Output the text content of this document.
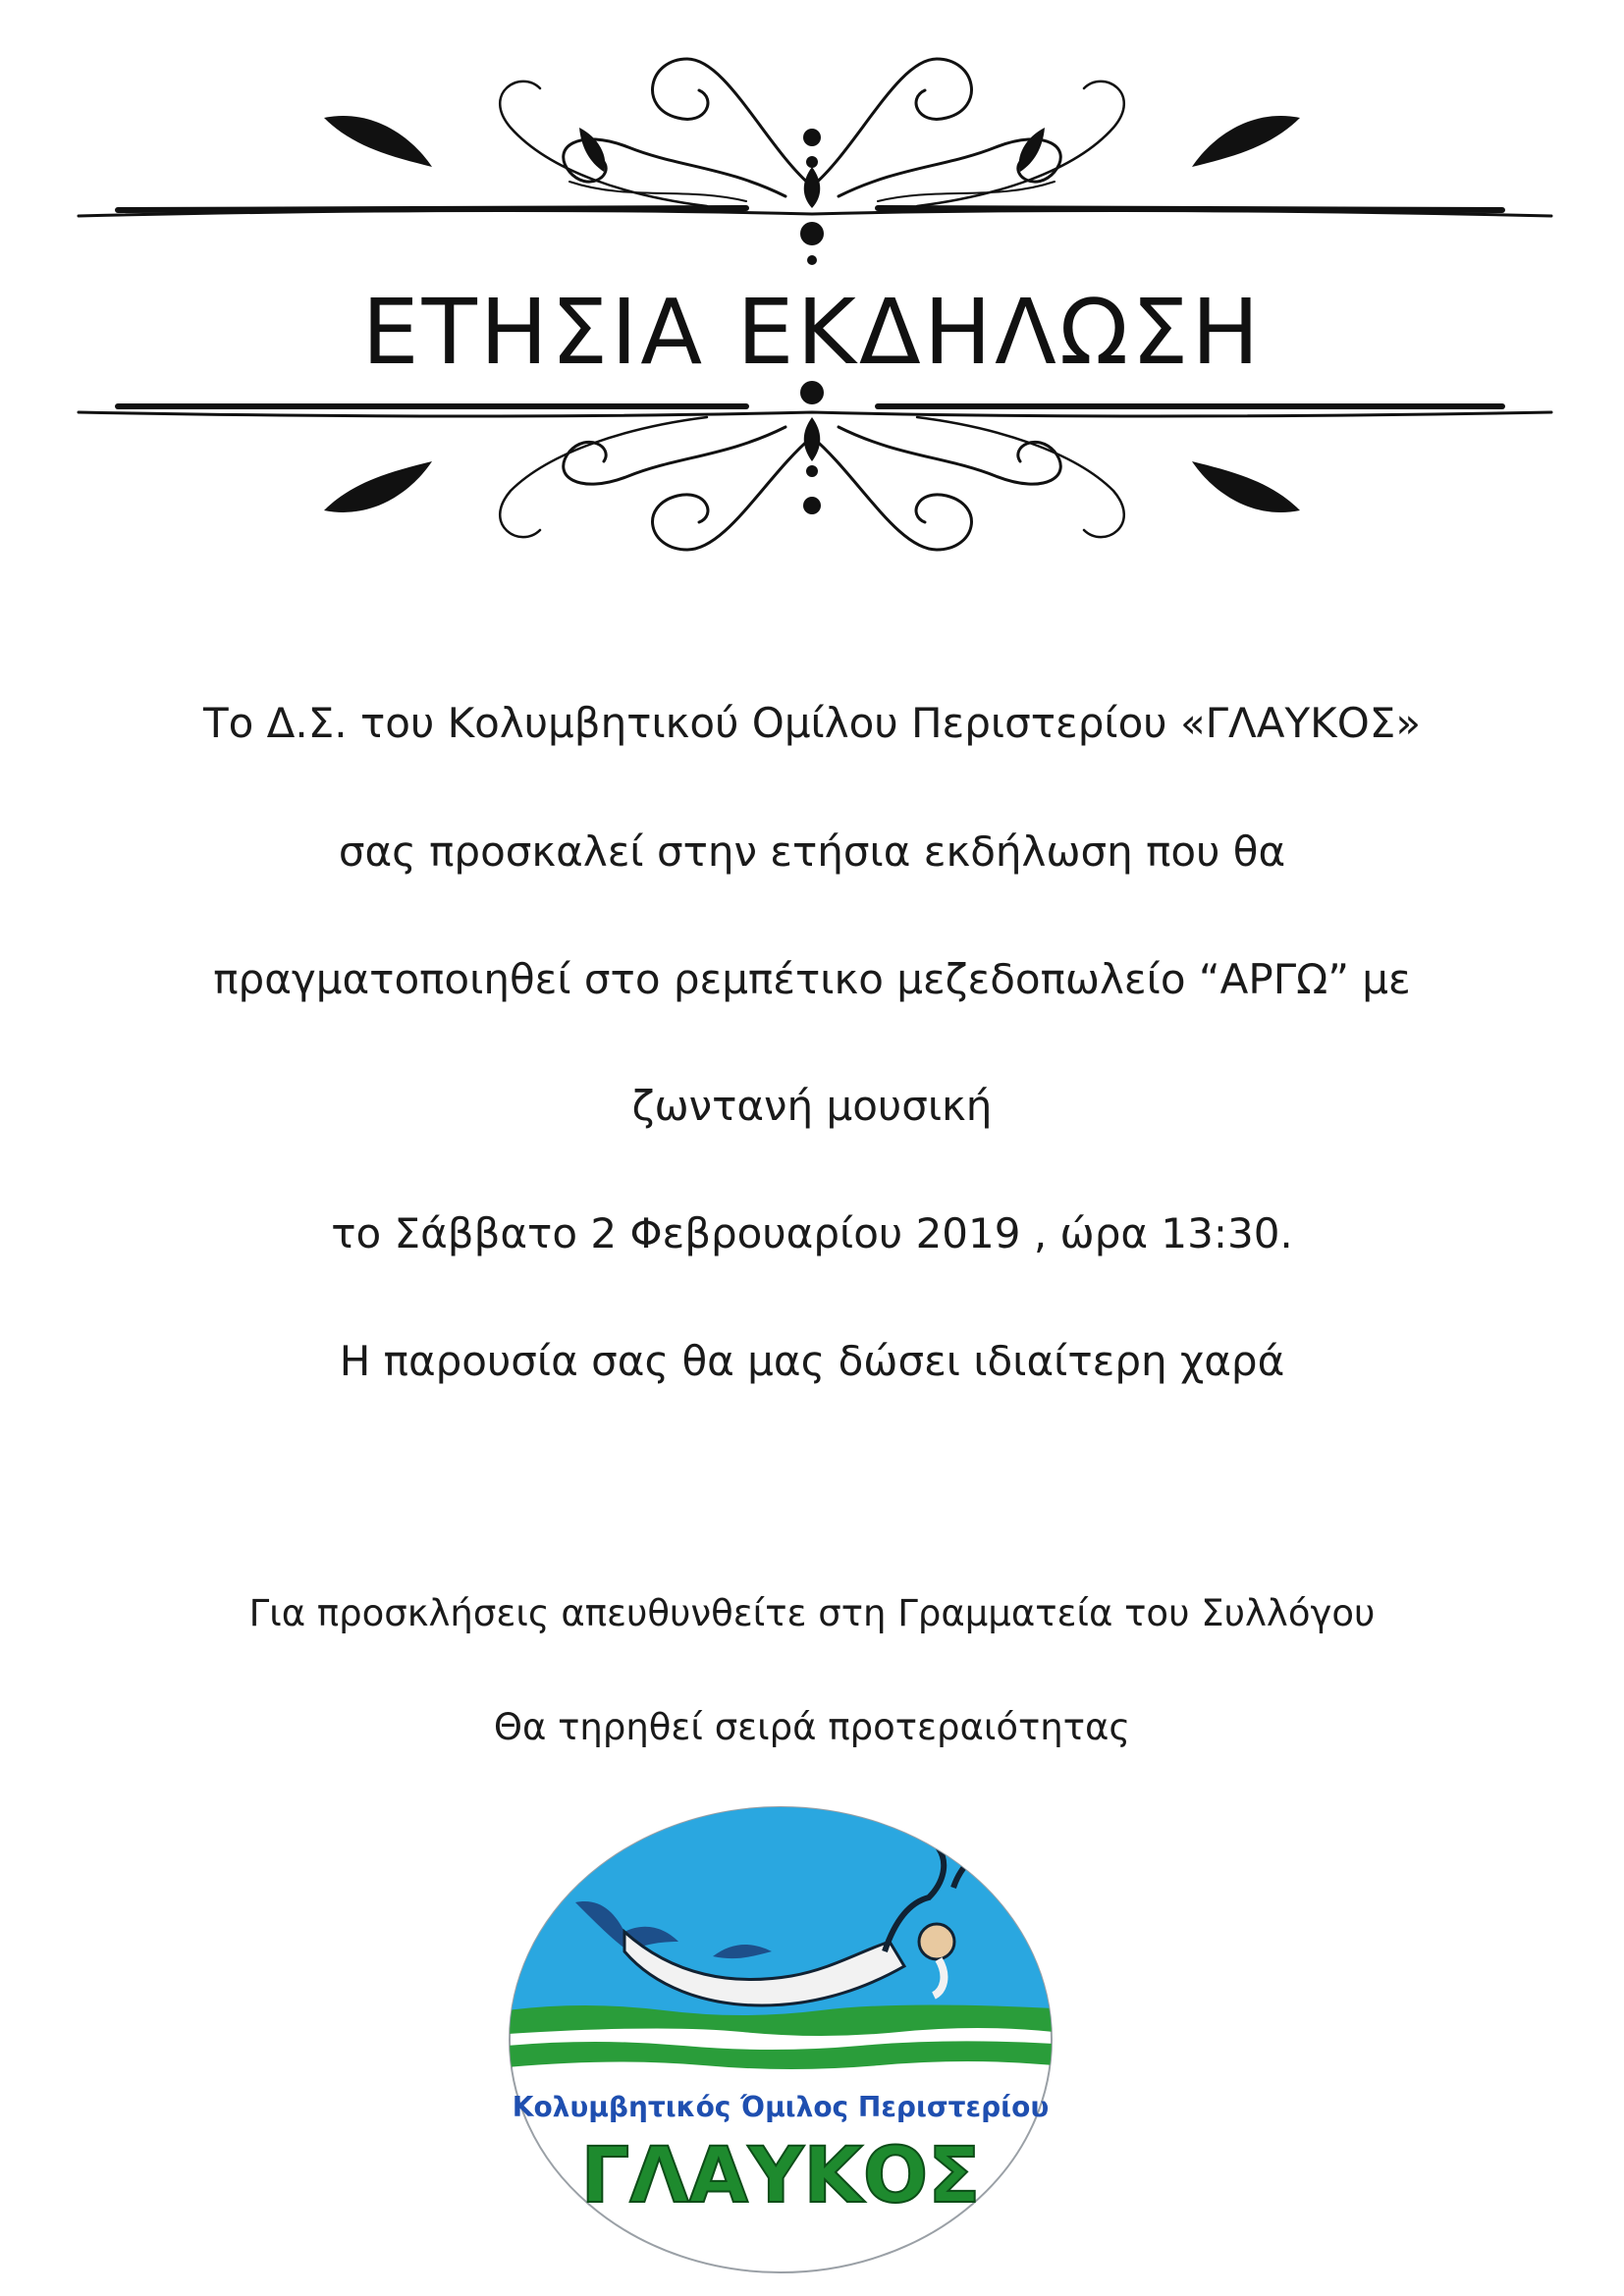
ΕΤΗΣΙΑ ΕΚΔΗΛΩΣΗ
Το Δ.Σ. του Κολυμβητικού Ομίλου Περιστερίου «ΓΛΑΥΚΟΣ»
σας προσκαλεί στην ετήσια εκδήλωση που θα
πραγματοποιηθεί στο ρεμπέτικο μεζεδοπωλείο “ΑΡΓΩ” με
ζωντανή μουσική
το Σάββατο 2 Φεβρουαρίου 2019 , ώρα 13:30.
Η παρουσία σας θα μας δώσει ιδιαίτερη χαρά
Για προσκλήσεις απευθυνθείτε στη Γραμματεία του Συλλόγου
Θα τηρηθεί σειρά προτεραιότητας
Κολυμβητικός Όμιλος Περιστερίου
ΓΛΑΥΚΟΣ
